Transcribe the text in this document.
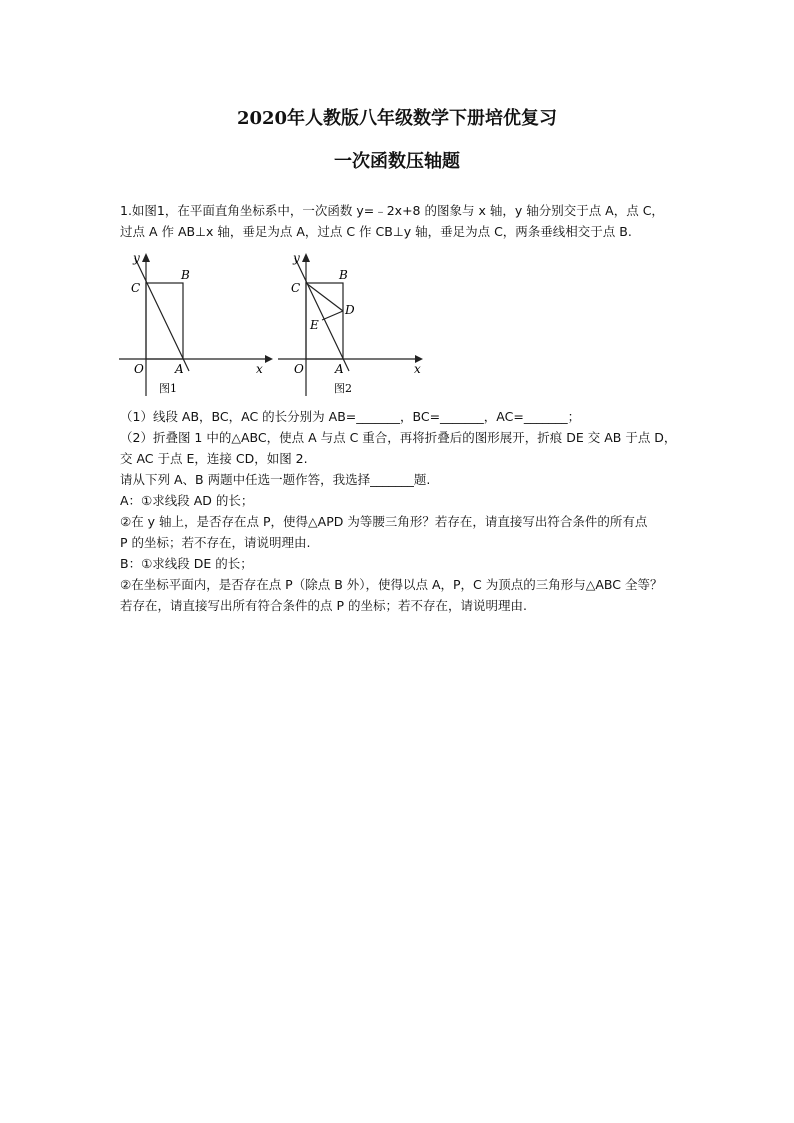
2020年人教版八年级数学下册培优复习
一次函数压轴题
1.如图1，在平面直角坐标系中，一次函数 y=﹣2x+8 的图象与 x 轴，y 轴分别交于点 A，点 C，
过点 A 作 AB⊥x 轴，垂足为点 A，过点 C 作 CB⊥y 轴，垂足为点 C，两条垂线相交于点 B.
y
x
O	A
B
C
图1
y
x
O	A
B
C
D
E
图2
（1）线段 AB，BC，AC 的长分别为 AB=_______，BC=_______，AC=_______；
（2）折叠图 1 中的△ABC，使点 A 与点 C 重合，再将折叠后的图形展开，折痕 DE 交 AB 于点 D，
交 AC 于点 E，连接 CD，如图 2.
请从下列 A、B 两题中任选一题作答，我选择_______题.
A：①求线段 AD 的长；
②在 y 轴上，是否存在点 P，使得△APD 为等腰三角形？若存在，请直接写出符合条件的所有点
P 的坐标；若不存在，请说明理由.
B：①求线段 DE 的长；
②在坐标平面内，是否存在点 P（除点 B 外），使得以点 A，P，C 为顶点的三角形与△ABC 全等？
若存在，请直接写出所有符合条件的点 P 的坐标；若不存在，请说明理由.
